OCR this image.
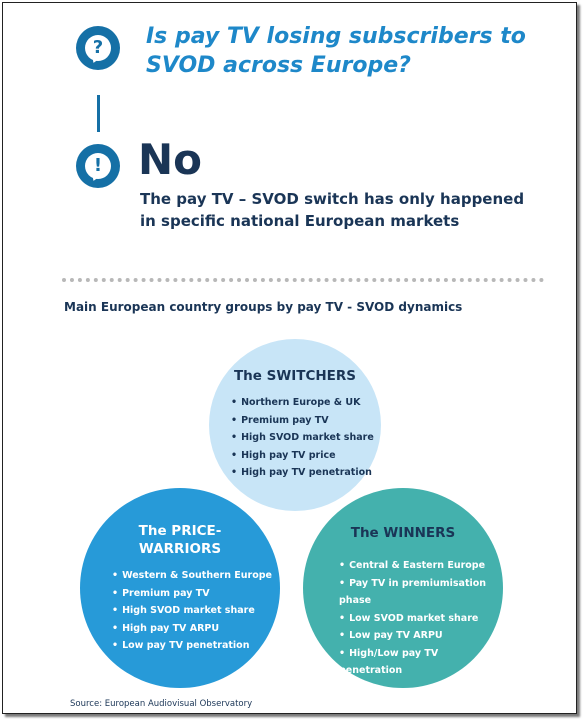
?
!
Is pay TV losing subscribers to SVOD across Europe?
No
The pay TV – SVOD switch has only happened in specific national European markets
Main European country groups by pay TV - SVOD dynamics
The SWITCHERS
• Northern Europe & UK
• Premium pay TV
• High SVOD market share
• High pay TV price
• High pay TV penetration
The PRICE-
WARRIORS
• Western & Southern Europe
• Premium pay TV
• High SVOD market share
• High pay TV ARPU
• Low pay TV penetration
The WINNERS
• Central & Eastern Europe
• Pay TV in premiumisation phase
• Low SVOD market share
• Low pay TV ARPU
• High/Low pay TV penetration
Source: European Audiovisual Observatory
